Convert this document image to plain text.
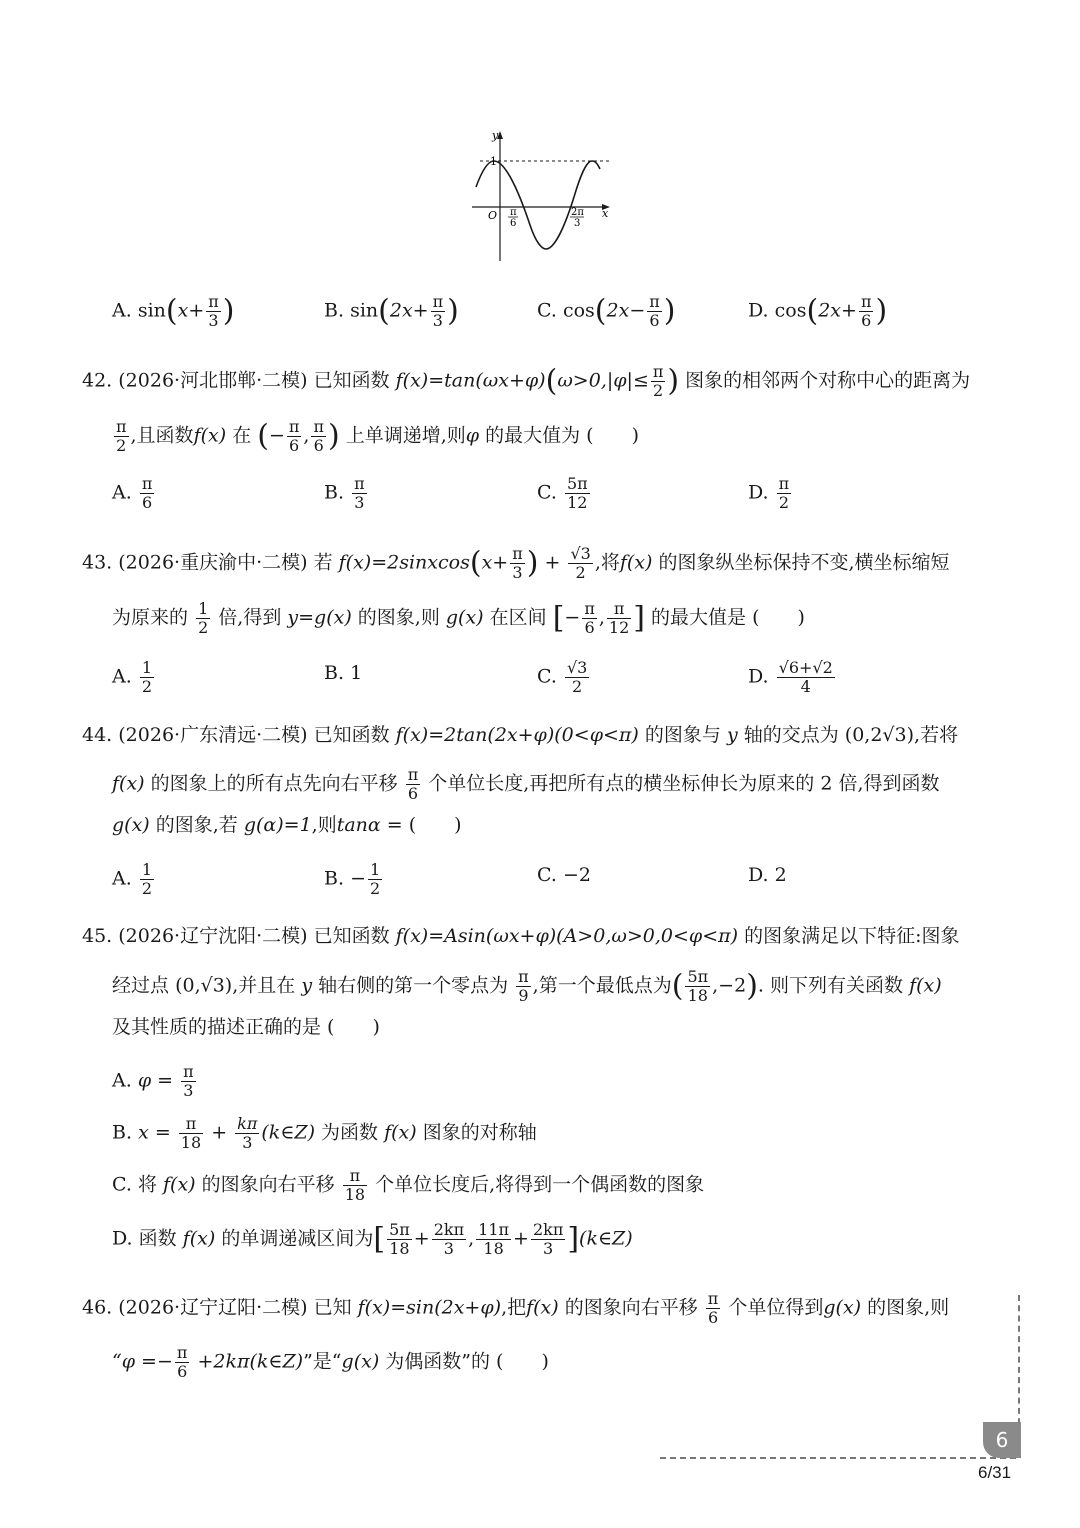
y
x
1
O π
6
2π
3
A. $\sin(x+ \frac{\pi}{3}$ )	B. $\sin(2x+ \frac{\pi}{3}$ )	C. $\cos(2x- \frac{\pi}{6}$ )	D. $\cos(2x+ \frac{\pi}{6}$ )
42. (2026·河北邯郸·二模) 已知函数 $f(x)=\tan(\omega x+\varphi)(\omega>0,|\varphi|\le \frac{\pi}{2}$ ) 图象的相邻两个对称中心的距离为
$\frac{\pi}{2}$ ,且函数f(x) 在 (− $\frac{\pi}{6}$ , $\frac{\pi}{6}$ ) 上单调递增,则φ 的最大值为 (　　)
A. $\frac{\pi}{6}$	B. $\frac{\pi}{3}$	C. $\frac{5\pi}{12}$	D. $\frac{\pi}{2}$
43. (2026·重庆渝中·二模) 若 f(x)=2sinxcos(x+ $\frac{\pi}{3}$ ) + $\frac{√3}{2}$ ,将f(x) 的图象纵坐标保持不变,横坐标缩短
为原来的 $\frac{1}{2}$ 倍,得到 y=g(x) 的图象,则 g(x) 在区间 [− $\frac{\pi}{6}$ , $\frac{\pi}{12}$ ] 的最大值是 (　　)
A. $\frac{1}{2}$	B. 1	C. $\frac{√3}{2}$	D. $\frac{√6+√2}{4}$
44. (2026·广东清远·二模) 已知函数 f(x)=2tan(2x+φ)(0<φ<π) 的图象与 y 轴的交点为 (0,2√3),若将
f(x) 的图象上的所有点先向右平移 $\frac{\pi}{6}$ 个单位长度,再把所有点的横坐标伸长为原来的 2 倍,得到函数
g(x) 的图象,若 g(α)=1,则tanα = (　　)
A. $\frac{1}{2}$	B. − $\frac{1}{2}$	C. −2	D. 2
45. (2026·辽宁沈阳·二模) 已知函数 f(x)=Asin(ωx+φ)(A>0,ω>0,0<φ<π) 的图象满足以下特征:图象
经过点 (0,√3),并且在 y 轴右侧的第一个零点为 $\frac{\pi}{9}$ ,第一个最低点为( $\frac{5\pi}{18} ,-2$). 则下列有关函数 f(x)
及其性质的描述正确的是 (　　)
A. $\varphi = \frac{\pi}{3}$
B. $x = \frac{\pi}{18} + \frac{k\pi}{3}$ (k∈Z) 为函数 f(x) 图象的对称轴
C. 将 f(x) 的图象向右平移 $\frac{\pi}{18}$ 个单位长度后,将得到一个偶函数的图象
D. 函数 f(x) 的单调递减区间为[ $\frac{5\pi}{18} + \frac{2k\pi}{3}$ , $\frac{11\pi}{18} + \frac{2k\pi}{3}$ ](k∈Z)
46. (2026·辽宁辽阳·二模) 已知 f(x)=sin(2x+φ),把f(x) 的图象向右平移 $\frac{\pi}{6}$ 个单位得到g(x) 的图象,则
“$\varphi =- \frac{\pi}{6}$ +2kπ(k∈Z)”是“g(x) 为偶函数”的 (　　)
6
6/31
